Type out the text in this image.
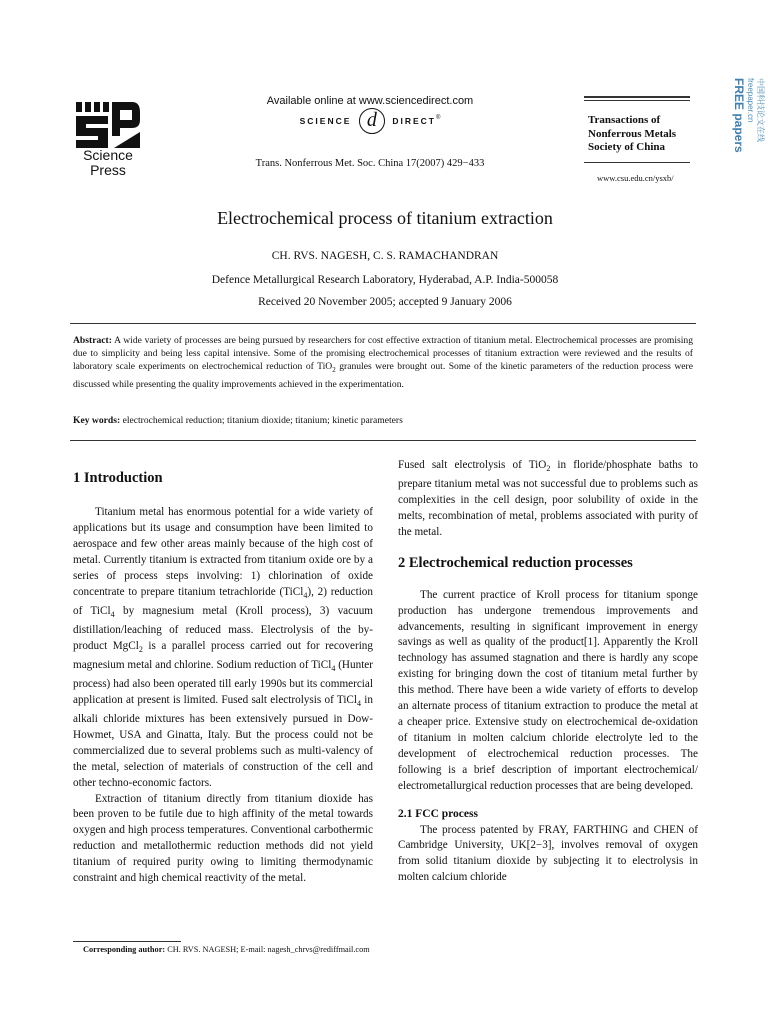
Science
Press
Available online at www.sciencedirect.com
SCIENCE d DIRECT®
Trans. Nonferrous Met. Soc. China 17(2007) 429−433
Transactions of
Nonferrous Metals
Society of China
www.csu.edu.cn/ysxb/
中国科技论文在线
freepaper.cn
FREE papers
Electrochemical process of titanium extraction
CH. RVS. NAGESH, C. S. RAMACHANDRAN
Defence Metallurgical Research Laboratory, Hyderabad, A.P. India-500058
Received 20 November 2005; accepted 9 January 2006
Abstract: A wide variety of processes are being pursued by researchers for cost effective extraction of titanium metal. Electrochemical processes are promising due to simplicity and being less capital intensive. Some of the promising electrochemical processes of titanium extraction were reviewed and the results of laboratory scale experiments on electrochemical reduction of TiO$_2$ granules were brought out. Some of the kinetic parameters of the reduction process were discussed while presenting the quality improvements achieved in the experimentation.
Key words: electrochemical reduction; titanium dioxide; titanium; kinetic parameters
1 Introduction

Titanium metal has enormous potential for a wide variety of applications but its usage and consumption have been limited to aerospace and few other areas mainly because of the high cost of metal. Currently titanium is extracted from titanium oxide ore by a series of process steps involving: 1) chlorination of oxide concentrate to prepare titanium tetrachloride (TiCl$_4$), 2) reduction of TiCl$_4$ by magnesium metal (Kroll process), 3) vacuum distillation/leaching of reduced mass. Electrolysis of the by-product MgCl$_2$ is a parallel process carried out for recovering magnesium metal and chlorine. Sodium reduction of TiCl$_4$ (Hunter process) had also been operated till early 1990s but its commercial application at present is limited. Fused salt electrolysis of TiCl$_4$ in alkali chloride mixtures has been extensively pursued in Dow-Howmet, USA and Ginatta, Italy. But the process could not be commercialized due to several problems such as multi-valency of the metal, selection of materials of construction of the cell and other techno-economic factors.

Extraction of titanium directly from titanium dioxide has been proven to be futile due to high affinity of the metal towards oxygen and high process temperatures. Conventional carbothermic reduction and metallothermic reduction methods did not yield titanium of required purity owing to limiting thermodynamic constraint and high chemical reactivity of the metal.

Fused salt electrolysis of TiO$_2$ in floride/phosphate baths to prepare titanium metal was not successful due to problems such as complexities in the cell design, poor solubility of oxide in the melts, recombination of metal, problems associated with purity of the metal.

2 Electrochemical reduction processes

The current practice of Kroll process for titanium sponge production has undergone tremendous improvements and advancements, resulting in significant improvement in energy savings as well as quality of the product[1]. Apparently the Kroll technology has assumed stagnation and there is hardly any scope existing for bringing down the cost of titanium metal further by this method. There have been a wide variety of efforts to develop an alternate process of titanium extraction to produce the metal at a cheaper price. Extensive study on electrochemical de-oxidation of titanium in molten calcium chloride electrolyte led to the development of electrochemical reduction processes. The following is a brief description of important electrochemical/ electrometallurgical reduction processes that are being developed.

2.1 FCC process

The process patented by FRAY, FARTHING and CHEN of Cambridge University, UK[2−3], involves removal of oxygen from solid titanium dioxide by subjecting it to electrolysis in molten calcium chloride

Corresponding author: CH. RVS. NAGESH; E-mail: nagesh_chrvs@rediffmail.com
